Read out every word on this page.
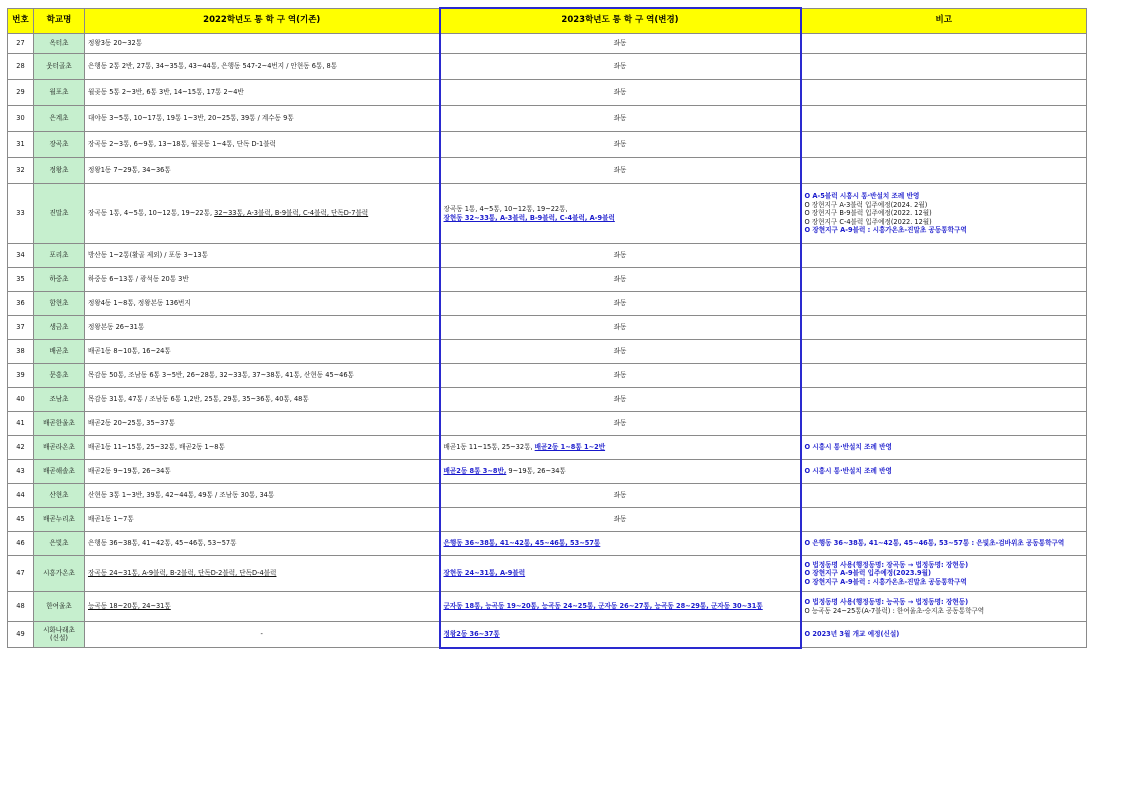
번호	학교명	2022학년도 통 학 구 역(기존)	2023학년도 통 학 구 역(변경)	비고
27	옥터초	정왕3동 20~32통	좌동	
28	웃터골초	은행동 2통 2반, 27통, 34~35통, 43~44통, 은행동 547-2~4번지 / 안현동 6통, 8통	좌동	
29	월포초	월곶동 5통 2~3반, 6통 3반, 14~15통, 17통 2~4반	좌동	
30	은계초	대야동 3~5통, 10~17통, 19통 1~3반, 20~25통, 39통 / 계수동 9통	좌동	
31	장곡초	장곡동 2~3통, 6~9통, 13~18통, 월곶동 1~4통, 단독 D-1블럭	좌동	
32	정왕초	정왕1동 7~29통, 34~36통	좌동	
33	진말초	장곡동 1통, 4~5통, 10~12통, 19~22통, 32~33통, A-3블럭, B-9블럭, C-4블럭, 단독D-7블럭	장곡동 1통, 4~5통, 10~12통, 19~22통,
장현동 32~33통, A-3블럭, B-9블럭, C-4블럭, A-9블럭	O A-5블럭 시흥시 통·반설치 조례 반영
O 장현지구 A-3블럭 입주예정(2024. 2월)
O 장현지구 B-9블럭 입주예정(2022. 12월)
O 장현지구 C-4블럭 입주예정(2022. 12월)
O 장현지구 A-9블럭 : 시흥가온초-진말초 공동통학구역

34	포리초	방산동 1~2통(활골 제외) / 포동 3~13통	좌동	
35	하중초	하중동 6~13통 / 광석동 20통 3반	좌동	
36	함현초	정왕4동 1~8통, 정왕본동 136번지	좌동	
37	생금초	정왕본동 26~31통	좌동	
38	배곧초	배곧1동 8~10통, 16~24통	좌동	
39	문흥초	목감동 50통, 조남동 6통 3~5반, 26~28통, 32~33통, 37~38통, 41통, 산현동 45~46통	좌동	
40	조남초	목감동 31통, 47통 / 조남동 6통 1,2반, 25통, 29통, 35~36통, 40통, 48통	좌동	
41	배곧한울초	배곧2동 20~25통, 35~37통	좌동	
42	배곧라온초	배곧1동 11~15통, 25~32통, 배곧2동 1~8통	배곧1동 11~15통, 25~32통, 배곧2동 1~8통 1~2반	O 시흥시 통·반설치 조례 반영
43	배곧해솔초	배곧2동 9~19통, 26~34통	배곧2동 8통 3~8반, 9~19통, 26~34통	O 시흥시 통·반설치 조례 반영
44	산현초	산현동 3통 1~3반, 39통, 42~44통, 49통 / 조남동 30통, 34통	좌동	
45	배곧누리초	배곧1동 1~7통	좌동	
46	은빛초	은행동 36~38통, 41~42통, 45~46통, 53~57통	은행동 36~38통, 41~42통, 45~46통, 53~57통	O 은행동 36~38통, 41~42통, 45~46통, 53~57통 : 은빛초-검바위초 공동통학구역
47	시흥가온초	장곡동 24~31통, A-9블럭, B-2블럭, 단독D-2블럭, 단독D-4블럭	장현동 24~31통, A-9블럭	O 법정동명 사용(행정동명: 장곡동 → 법정동명: 장현동)
O 장현지구 A-9블럭 입주예정(2023.9월)
O 장현지구 A-9블럭 : 시흥가온초-진말초 공동통학구역

48	한여울초	능곡동 18~20통, 24~31통	군자동 18통, 능곡동 19~20통, 능곡동 24~25통, 군자동 26~27통, 능곡동 28~29통, 군자동 30~31통	O 법정동명 사용(행정동명: 능곡동 → 법정동명: 장현동)
O 능곡동 24~25통(A-7블럭) : 한여울초-승지초 공동통학구역

49	시화나래초
(신설)	-	정왕2동 36~37통	O 2023년 3월 개교 예정(신설)
